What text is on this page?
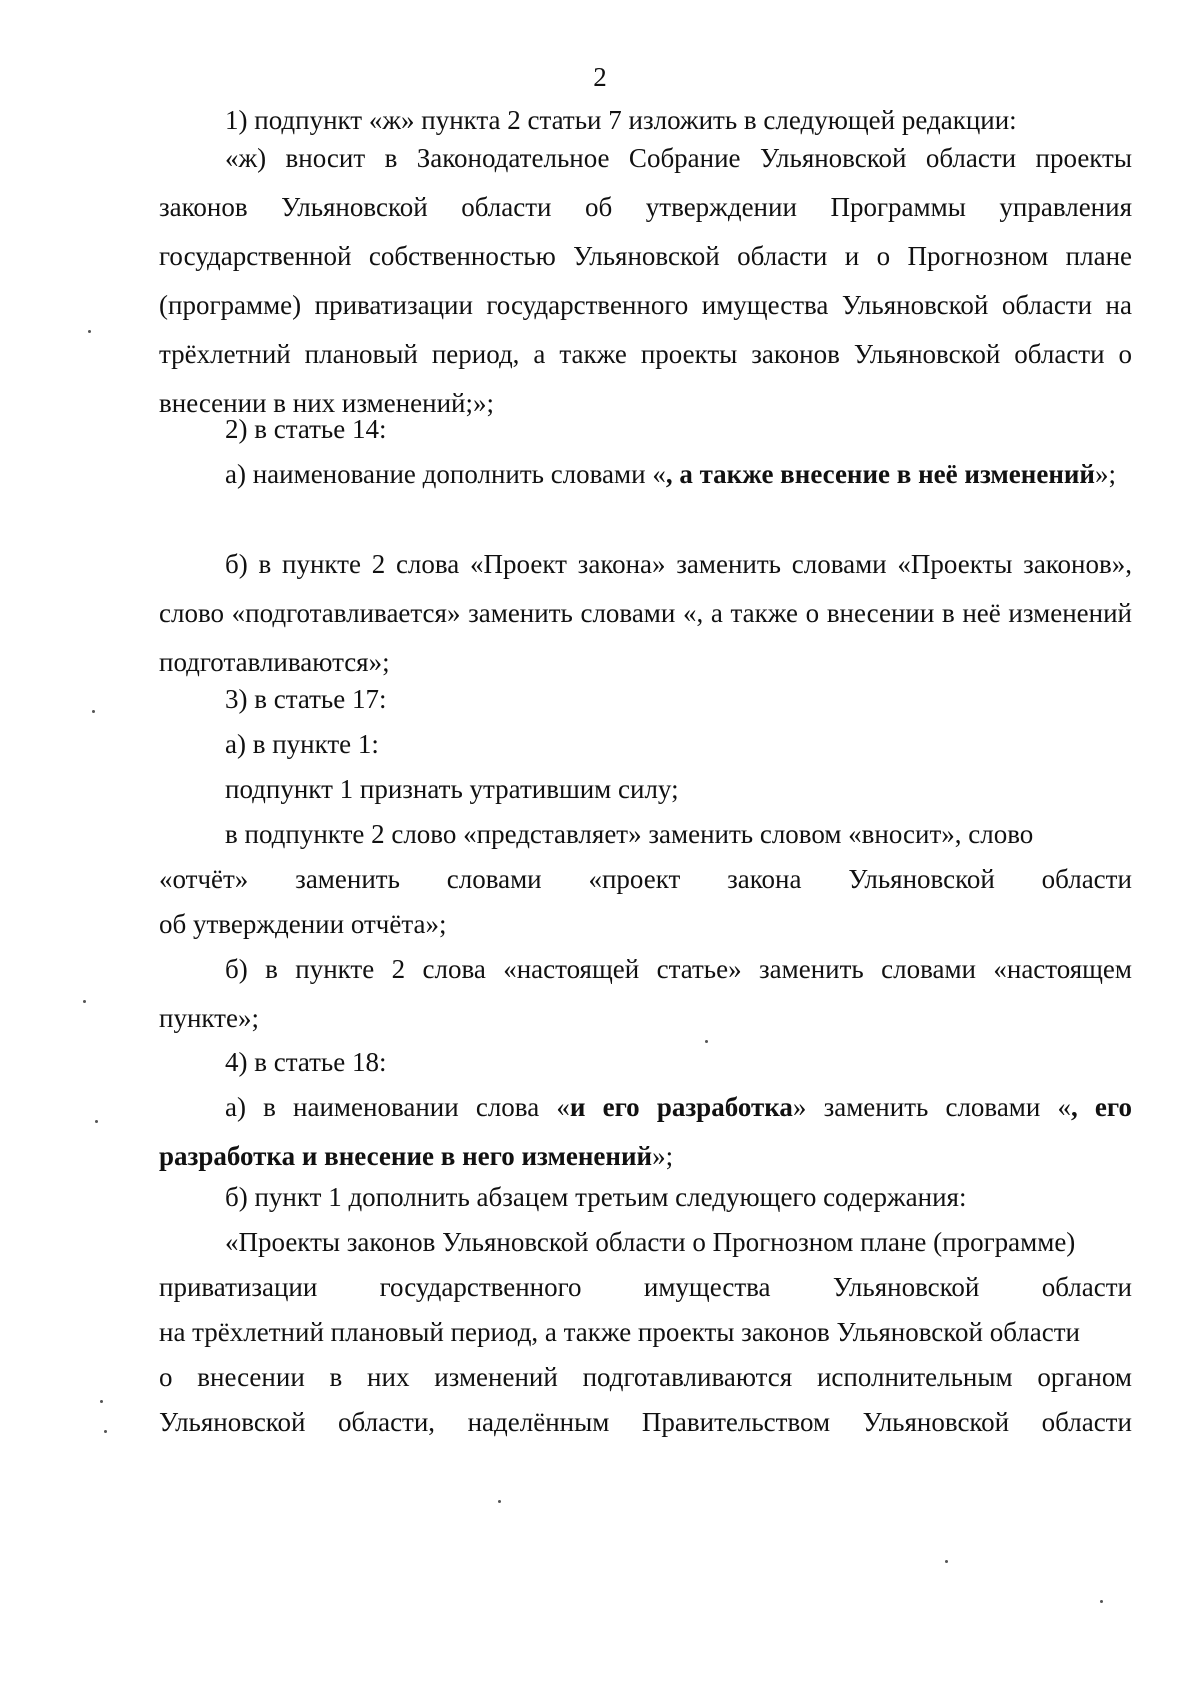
2

1) подпункт «ж» пункта 2 статьи 7 изложить в следующей редакции:

«ж) вносит в Законодательное Собрание Ульяновской области проекты законов Ульяновской области об утверждении Программы управления государственной собственностью Ульяновской области и о Прогнозном плане (программе) приватизации государственного имущества Ульяновской области на трёхлетний плановый период, а также проекты законов Ульяновской области о внесении в них изменений;»;

2) в статье 14:

а) наименование дополнить словами «, а также внесение в неё изменений»;

б) в пункте 2 слова «Проект закона» заменить словами «Проекты законов», слово «подготавливается» заменить словами «, а также о внесении в неё изменений подготавливаются»;

3) в статье 17:

а) в пункте 1:

подпункт 1 признать утратившим силу;

в подпункте 2 слово «представляет» заменить словом «вносит», слово
«отчёт» заменить словами «проект закона Ульяновской области
об утверждении отчёта»;

б) в пункте 2 слова «настоящей статье» заменить словами «настоящем пункте»;

4) в статье 18:

а) в наименовании слова «и его разработка» заменить словами «, его разработка и внесение в него изменений»;

б) пункт 1 дополнить абзацем третьим следующего содержания:

«Проекты законов Ульяновской области о Прогнозном плане (программе)
приватизации государственного имущества Ульяновской области
на трёхлетний плановый период, а также проекты законов Ульяновской области
о внесении в них изменений подготавливаются исполнительным органом
Ульяновской области, наделённым Правительством Ульяновской области
